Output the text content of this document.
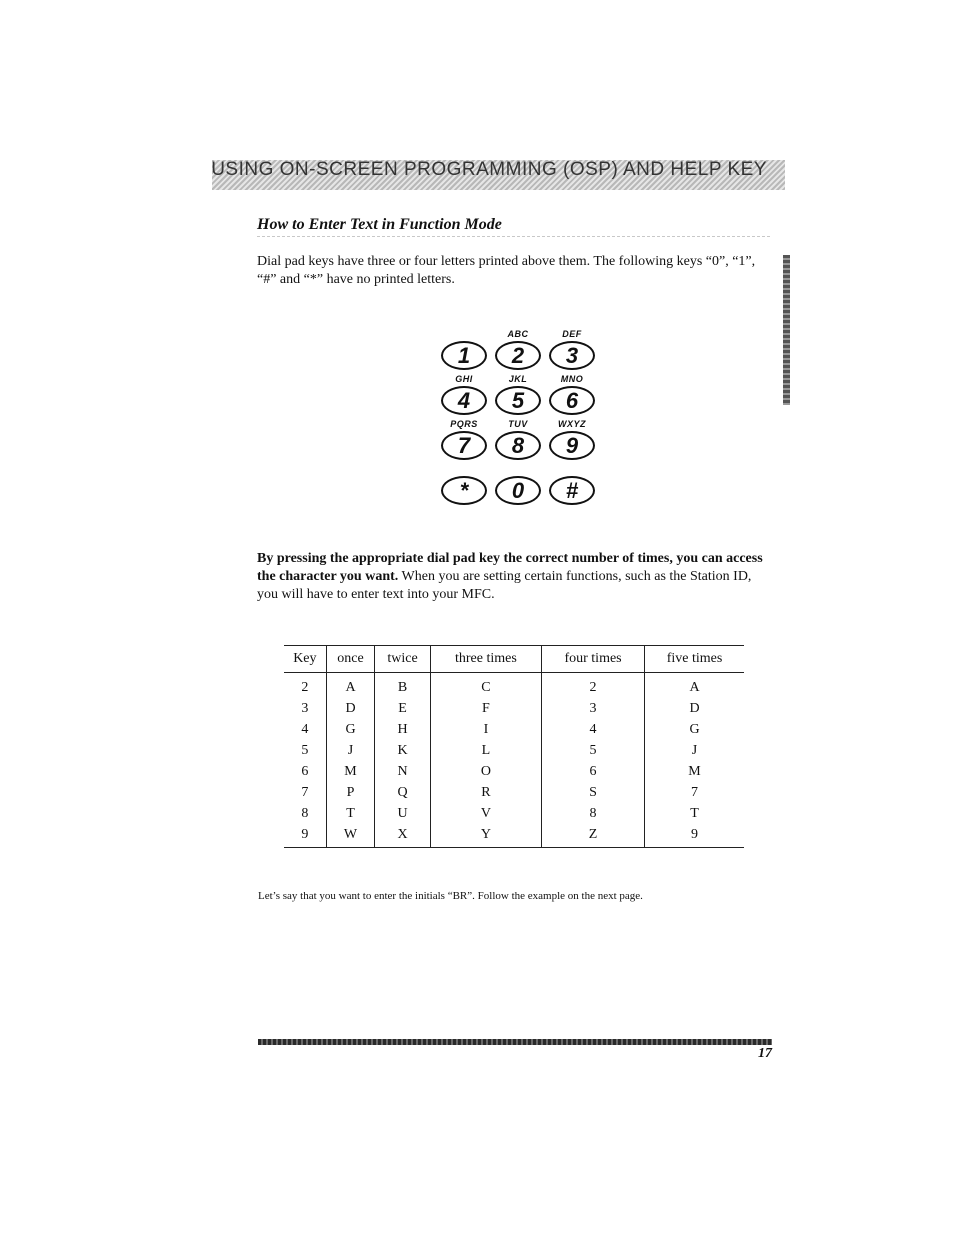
USING ON-SCREEN PROGRAMMING (OSP) AND HELP KEY
How to Enter Text in Function Mode

Dial pad keys have three or four letters printed above them. The following keys “0”, “1”, “#” and “*” have no printed letters.

1
ABC
2
DEF
3
GHI
4
JKL
5
MNO
6
PQRS
7
TUV
8
WXYZ
9
*	0	#

By pressing the appropriate dial pad key the correct number of times, you can access the character you want. When you are setting certain functions, such as the Station ID, you will have to enter text into your MFC.

Key	once	twice	three times	four times	five times
2	A	B	C	2	A
3	D	E	F	3	D
4	G	H	I	4	G
5	J	K	L	5	J
6	M	N	O	6	M
7	P	Q	R	S	7
8	T	U	V	8	T
9	W	X	Y	Z	9
Let’s say that you want to enter the initials “BR”. Follow the example on the next page.
17
